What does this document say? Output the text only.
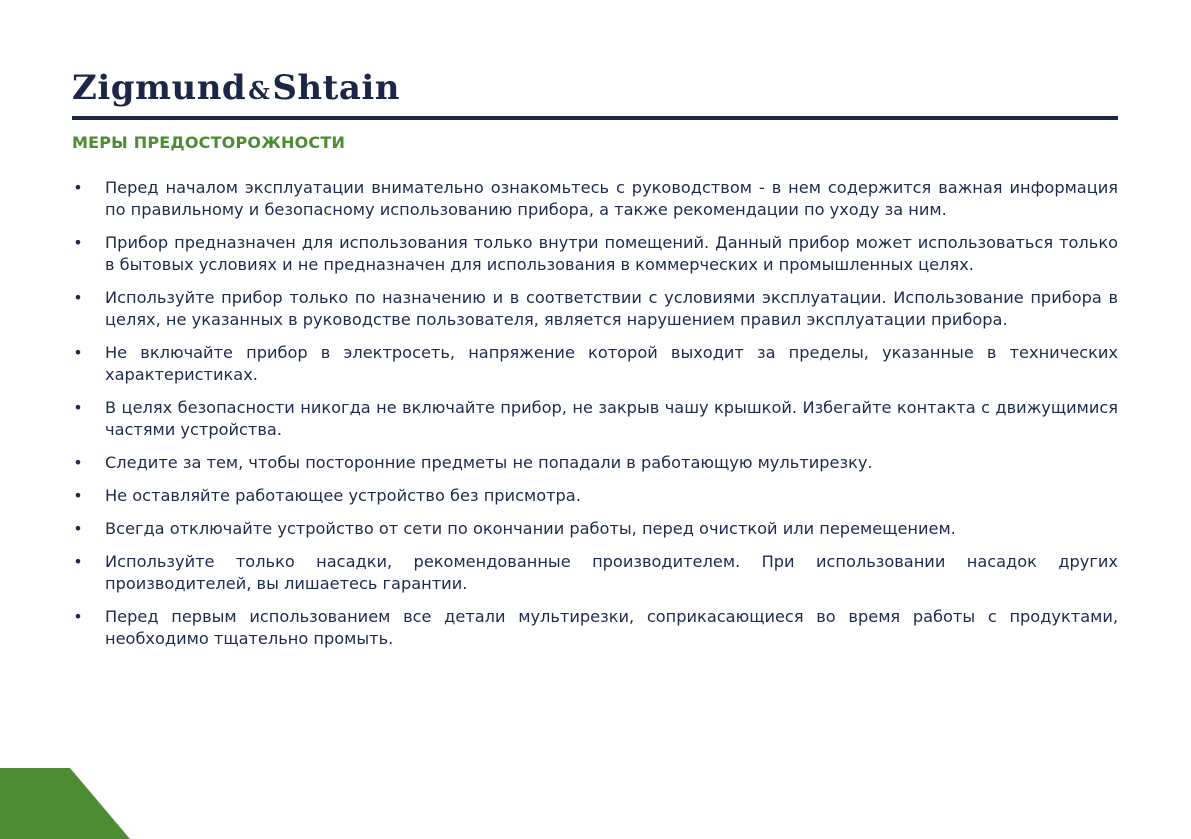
Zigmund&Shtain
МЕРЫ ПРЕДОСТОРОЖНОСТИ
• Перед началом эксплуатации внимательно ознакомьтесь с руководством - в нем содержится важная информация по правильному и безопасному использованию прибора, а также рекомендации по уходу за ним.
• Прибор предназначен для использования только внутри помещений. Данный прибор может использоваться только в бытовых условиях и не предназначен для использования в коммерческих и промышленных целях.
• Используйте прибор только по назначению и в соответствии с условиями эксплуатации. Использование прибора в целях, не указанных в руководстве пользователя, является нарушением правил эксплуатации прибора.
• Не включайте прибор в электросеть, напряжение которой выходит за пределы, указанные в технических характеристиках.
• В целях безопасности никогда не включайте прибор, не закрыв чашу крышкой. Избегайте контакта с движущимися частями устройства.
• Следите за тем, чтобы посторонние предметы не попадали в работающую мультирезку.
• Не оставляйте работающее устройство без присмотра.
• Всегда отключайте устройство от сети по окончании работы, перед очисткой или перемещением.
• Используйте только насадки, рекомендованные производителем. При использовании насадок других производителей, вы лишаетесь гарантии.
• Перед первым использованием все детали мультирезки, соприкасающиеся во время работы с продуктами, необходимо тщательно промыть.
